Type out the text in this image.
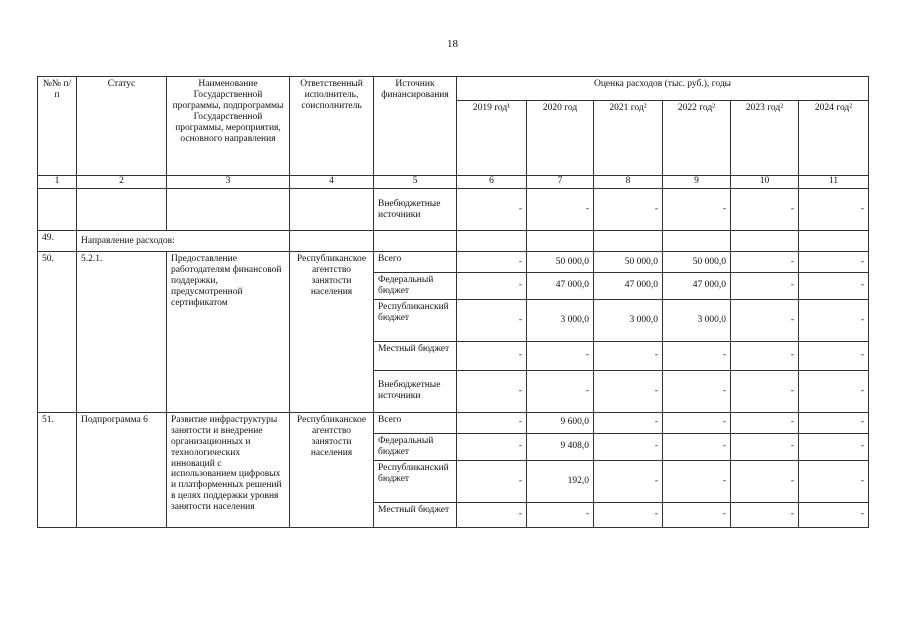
18
№№ п/п	Статус	Наименование Государственной программы, подпрограммы Государственной программы, мероприятия, основного направления	Ответственный исполнитель, соисполнитель	Источник финансирования	Оценка расходов (тыс. руб.), годы					
					2019 год¹	2020 год	2021 год²	2022 год²	2023 год²	2024 год²
1	2	3	4	5	6	7	8	9	10	11
				Внебюджетные источники	-	-	-	-	-	-
49.	Направление расходов:									
50.	5.2.1.	Предоставление работодателям финансовой поддержки, предусмотренной сертификатом	Республиканское агентство занятости населения	Всего	-	50 000,0	50 000,0	50 000,0	-	-
				Федеральный бюджет	-	47 000,0	47 000,0	47 000,0	-	-
				Республиканский бюджет	-	3 000,0	3 000,0	3 000,0	-	-
				Местный бюджет	-	-	-	-	-	-
				Внебюджетные источники	-	-	-	-	-	-
51.	Подпрограмма 6	Развитие инфраструктуры занятости и внедрение организационных и технологических инноваций с использованием цифровых и платформенных решений в целях поддержки уровня занятости населения	Республиканское агентство занятости населения	Всего	-	9 600,0	-	-	-	-
				Федеральный бюджет	-	9 408,0	-	-	-	-
				Республиканский бюджет	-	192,0	-	-	-	-
				Местный бюджет	-	-	-	-	-	-
